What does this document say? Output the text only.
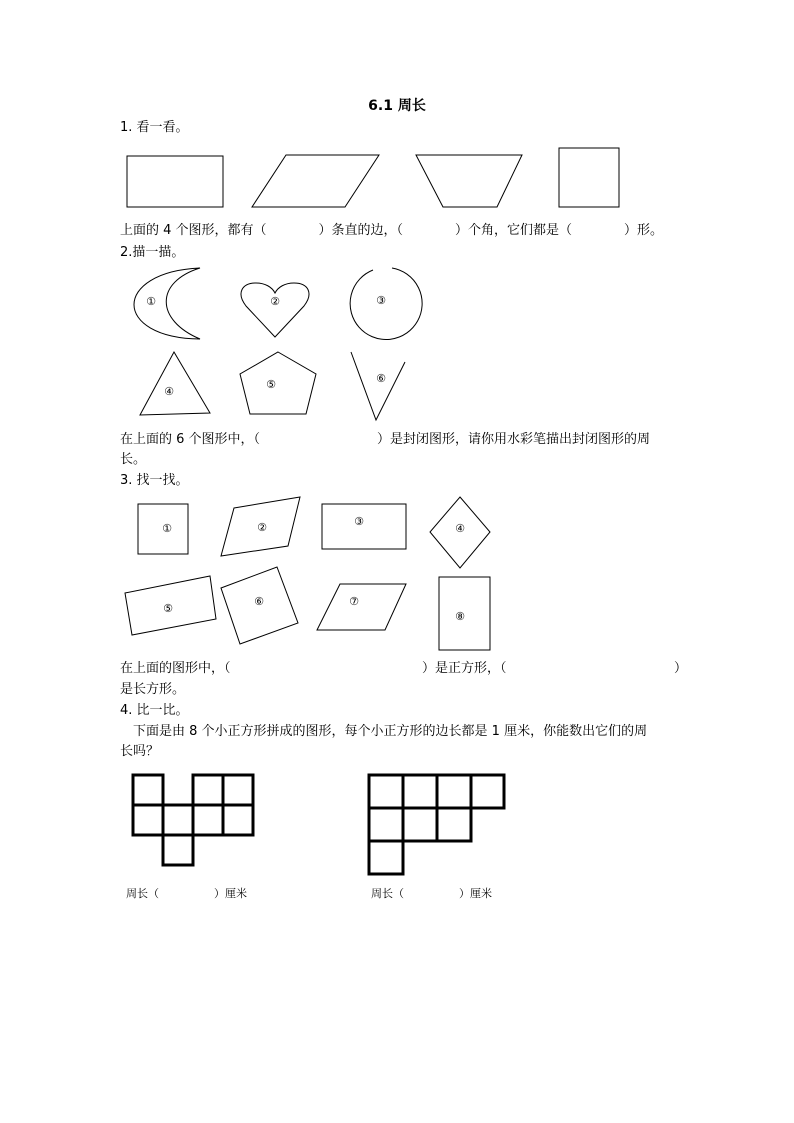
6.1 周长
1. 看一看。
上面的 4 个图形，都有（　　　　）条直的边，（　　　　）个角，它们都是（　　　　）形。
2.描一描。
①	②	③
④
⑤	⑥
在上面的 6 个图形中，（　　　　　　　　　）是封闭图形，请你用水彩笔描出封闭图形的周
长。
3. 找一找。
①	②	③
④
⑤
⑥	⑦
⑧
在上面的图形中，（	）是正方形，（	）
是长方形。
4. 比一比。
下面是由 8 个小正方形拼成的图形，每个小正方形的边长都是 1 厘米，你能数出它们的周
长吗？
周长（　　　　　）厘米	周长（　　　　　）厘米
